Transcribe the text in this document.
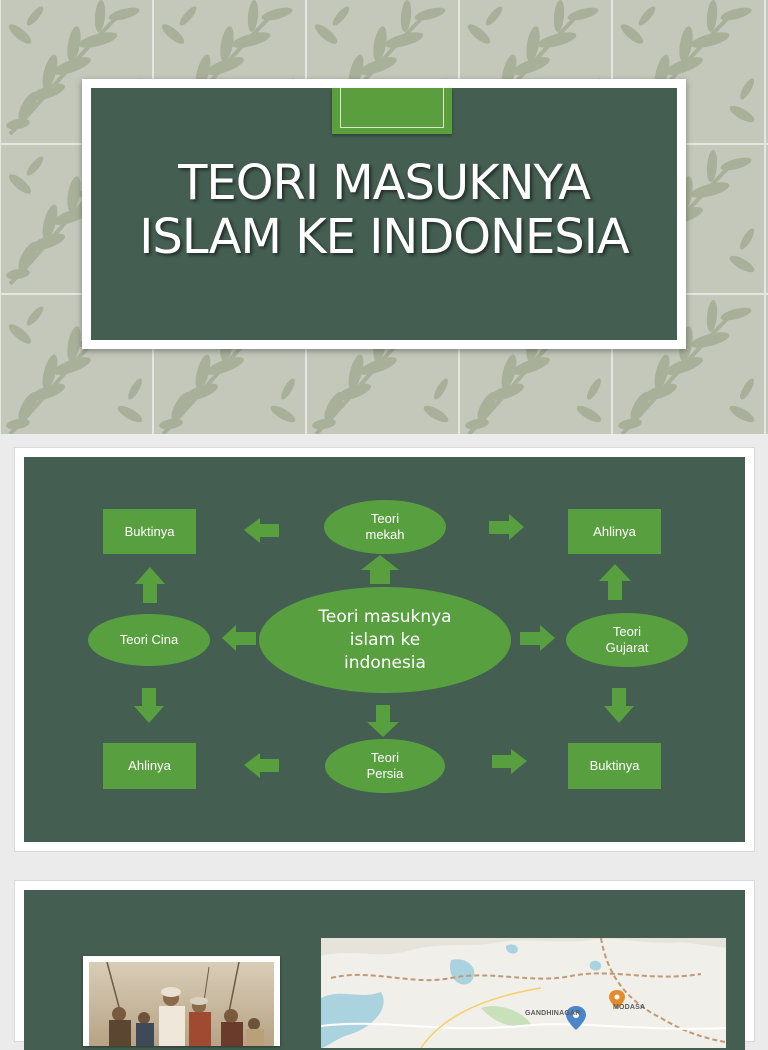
TEORI MASUKNYA
ISLAM KE INDONESIA
Teori masuknya
islam ke
indonesia
Teori
mekah
Teori Cina
Teori
Gujarat
Teori
Persia
Buktinya	Ahlinya
Ahlinya	Buktinya
GANDHINAGAR
MODASA
